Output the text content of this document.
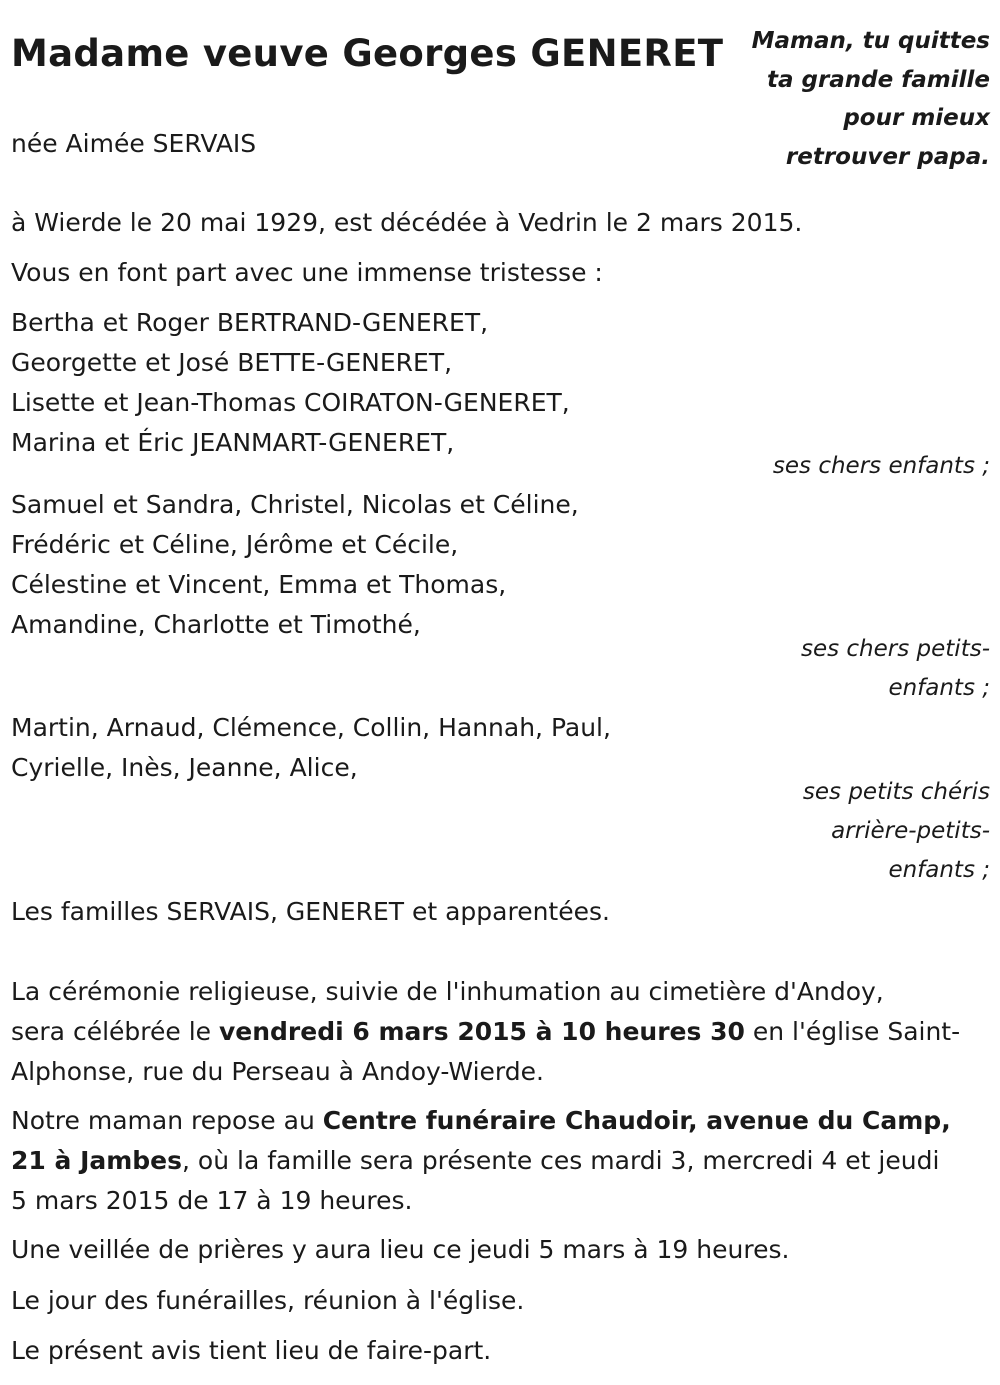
Madame veuve Georges GENERET Maman, tu quittes
ta grande famille
pour mieux
retrouver papa.
née Aimée SERVAIS
à Wierde le 20 mai 1929, est décédée à Vedrin le 2 mars 2015.
Vous en font part avec une immense tristesse :
Bertha et Roger BERTRAND-GENERET,
Georgette et José BETTE-GENERET,
Lisette et Jean-Thomas COIRATON-GENERET,
Marina et Éric JEANMART-GENERET,
ses chers enfants ;
Samuel et Sandra, Christel, Nicolas et Céline,
Frédéric et Céline, Jérôme et Cécile,
Célestine et Vincent, Emma et Thomas,
Amandine, Charlotte et Timothé,
ses chers petits-
enfants ;
Martin, Arnaud, Clémence, Collin, Hannah, Paul,
Cyrielle, Inès, Jeanne, Alice,
ses petits chéris
arrière-petits-
enfants ;
Les familles SERVAIS, GENERET et apparentées.
La cérémonie religieuse, suivie de l'inhumation au cimetière d'Andoy,
sera célébrée le vendredi 6 mars 2015 à 10 heures 30 en l'église Saint-
Alphonse, rue du Perseau à Andoy-Wierde.
Notre maman repose au Centre funéraire Chaudoir, avenue du Camp,
21 à Jambes, où la famille sera présente ces mardi 3, mercredi 4 et jeudi
5 mars 2015 de 17 à 19 heures.
Une veillée de prières y aura lieu ce jeudi 5 mars à 19 heures.
Le jour des funérailles, réunion à l'église.
Le présent avis tient lieu de faire-part.
